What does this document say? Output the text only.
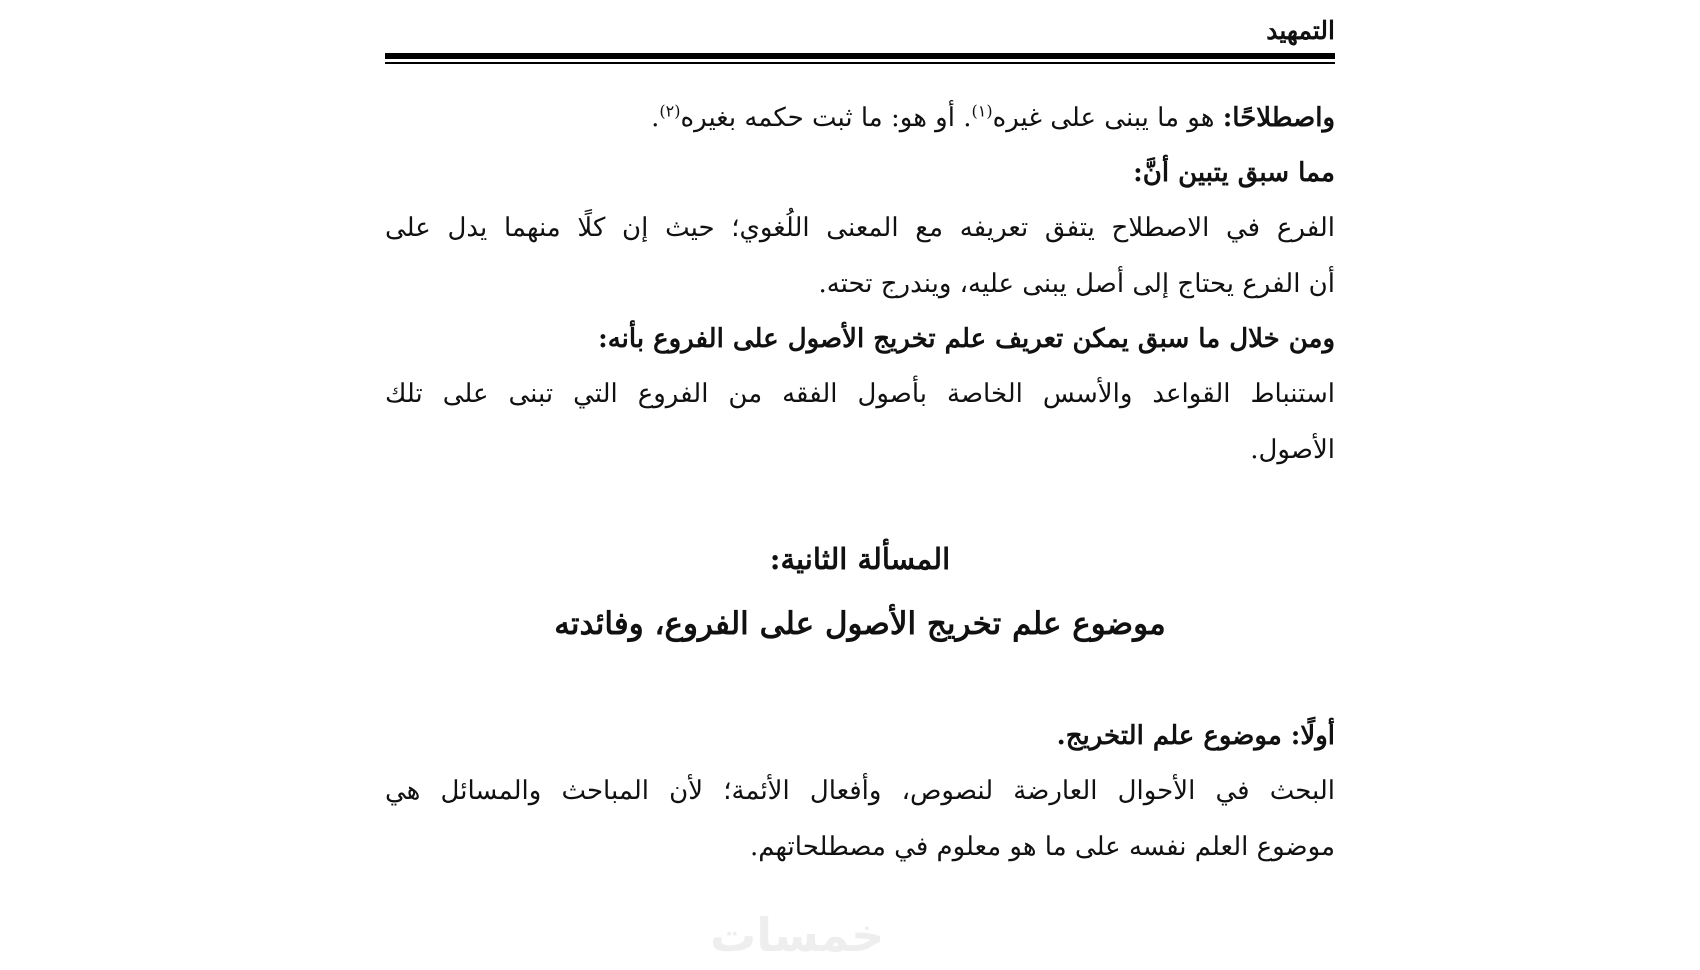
التمهيد
واصطلاحًا: هو ما يبنى على غيره$^{(١)}$. أو هو: ما ثبت حكمه بغيره$^{(٢)}$.
مما سبق يتبين أنَّ:
الفرع في الاصطلاح يتفق تعريفه مع المعنى اللُغوي؛ حيث إن كلًا منهما يدل على
أن الفرع يحتاج إلى أصل يبنى عليه، ويندرج تحته.
ومن خلال ما سبق يمكن تعريف علم تخريج الأصول على الفروع بأنه:
استنباط القواعد والأسس الخاصة بأصول الفقه من الفروع التي تبنى على تلك
الأصول.
المسألة الثانية:
موضوع علم تخريج الأصول على الفروع، وفائدته
أولًا: موضوع علم التخريج.
البحث في الأحوال العارضة لنصوص، وأفعال الأئمة؛ لأن المباحث والمسائل هي
موضوع العلم نفسه على ما هو معلوم في مصطلحاتهم.
خمسات
